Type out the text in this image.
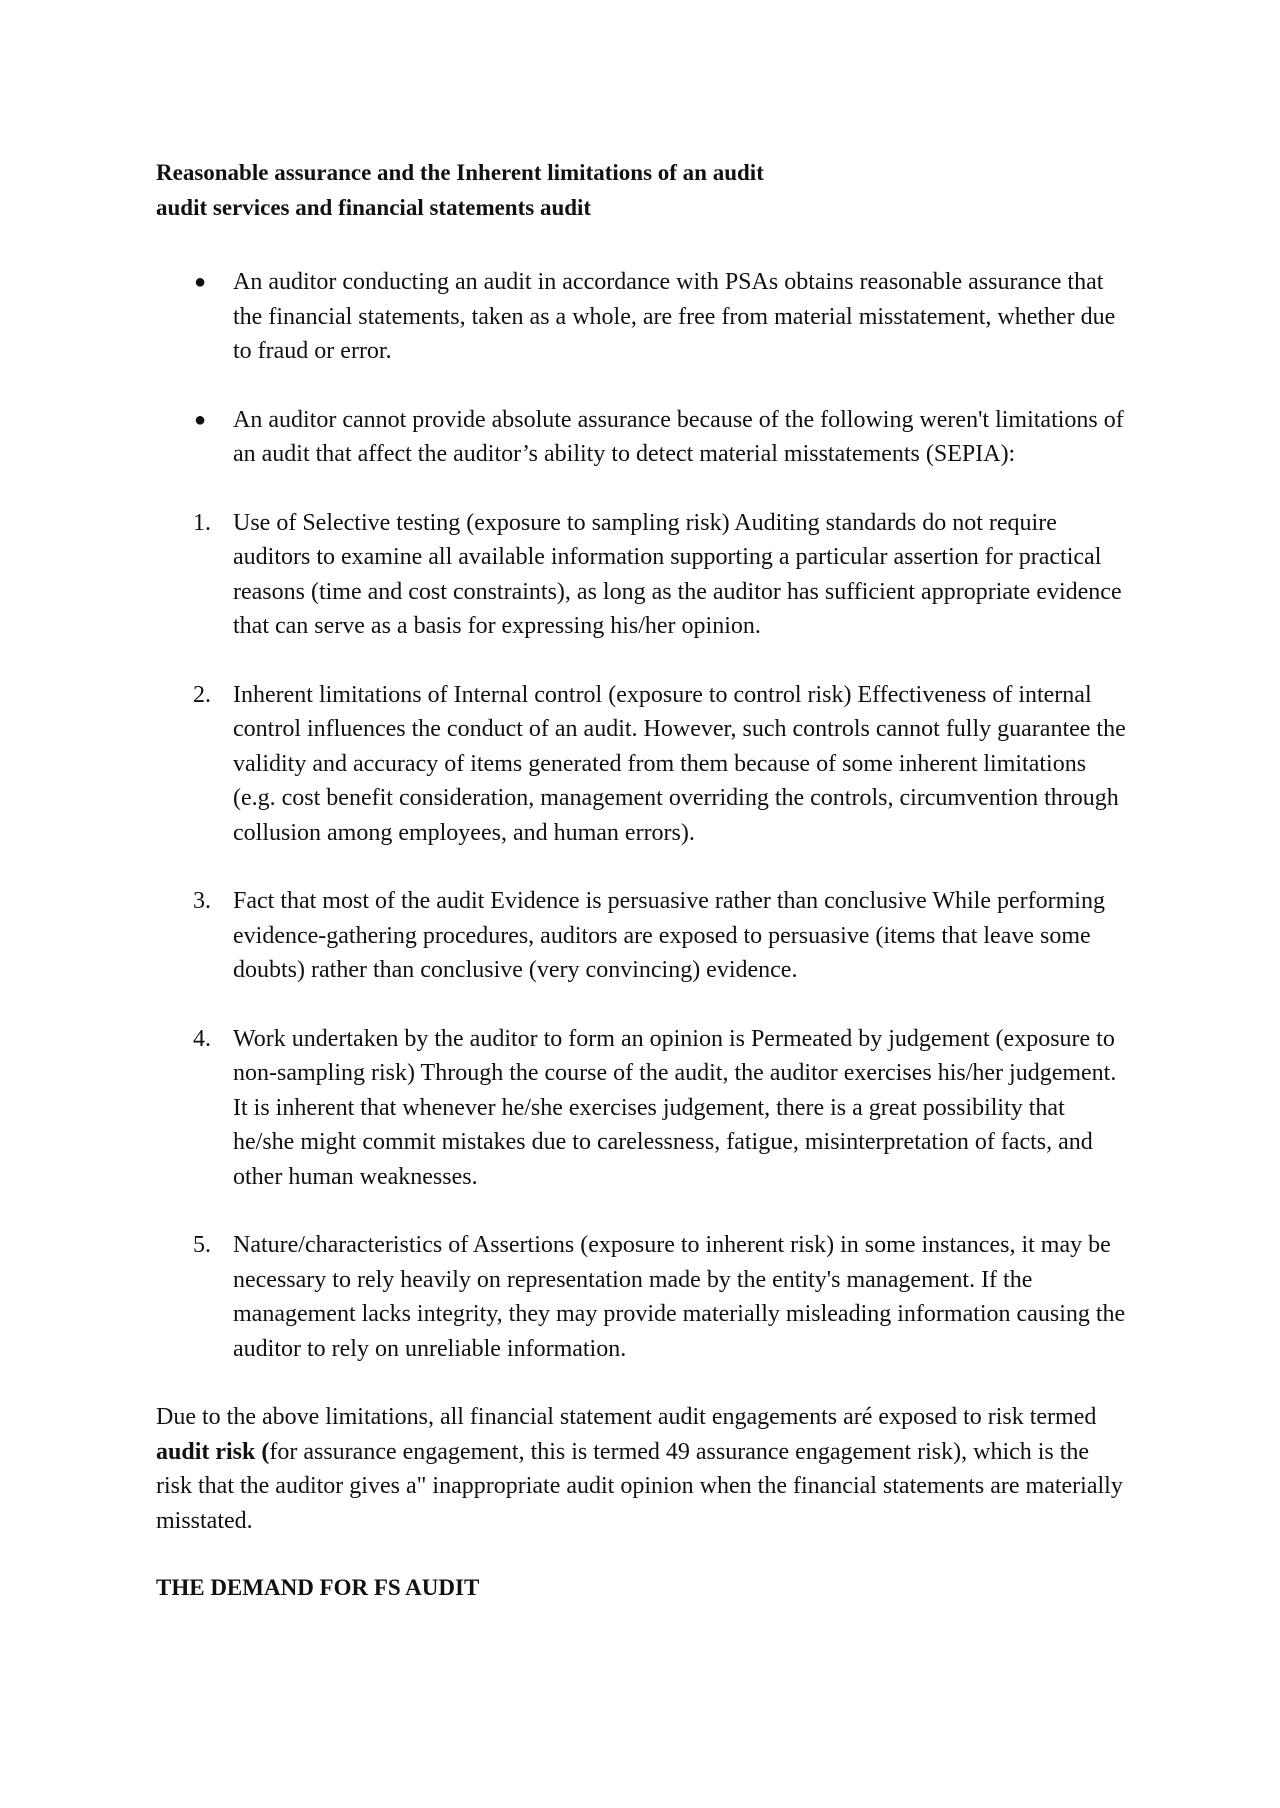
Reasonable assurance and the Inherent limitations of an audit
audit services and financial statements audit

● An auditor conducting an audit in accordance with PSAs obtains reasonable assurance that the financial statements, taken as a whole, are free from material misstatement, whether due to fraud or error.
● An auditor cannot provide absolute assurance because of the following weren't limitations of an audit that affect the auditor’s ability to detect material misstatements (SEPIA):
1. Use of Selective testing (exposure to sampling risk) Auditing standards do not require auditors to examine all available information supporting a particular assertion for practical reasons (time and cost constraints), as long as the auditor has sufficient appropriate evidence that can serve as a basis for expressing his/her opinion.
2. Inherent limitations of Internal control (exposure to control risk) Effectiveness of internal control influences the conduct of an audit. However, such controls cannot fully guarantee the validity and accuracy of items generated from them because of some inherent limitations (e.g. cost benefit consideration, management overriding the controls, circumvention through collusion among employees, and human errors).
3. Fact that most of the audit Evidence is persuasive rather than conclusive While performing evidence-gathering procedures, auditors are exposed to persuasive (items that leave some doubts) rather than conclusive (very convincing) evidence.
4. Work undertaken by the auditor to form an opinion is Permeated by judgement (exposure to non-sampling risk) Through the course of the audit, the auditor exercises his/her judgement. It is inherent that whenever he/she exercises judgement, there is a great possibility that he/she might commit mistakes due to carelessness, fatigue, misinterpretation of facts, and other human weaknesses.
5. Nature/characteristics of Assertions (exposure to inherent risk) in some instances, it may be necessary to rely heavily on representation made by the entity's management. If the management lacks integrity, they may provide materially misleading information causing the auditor to rely on unreliable information.

Due to the above limitations, all financial statement audit engagements aré exposed to risk termed audit risk (for assurance engagement, this is termed 49 assurance engagement risk), which is the risk that the auditor gives a" inappropriate audit opinion when the financial statements are materially misstated.

THE DEMAND FOR FS AUDIT
